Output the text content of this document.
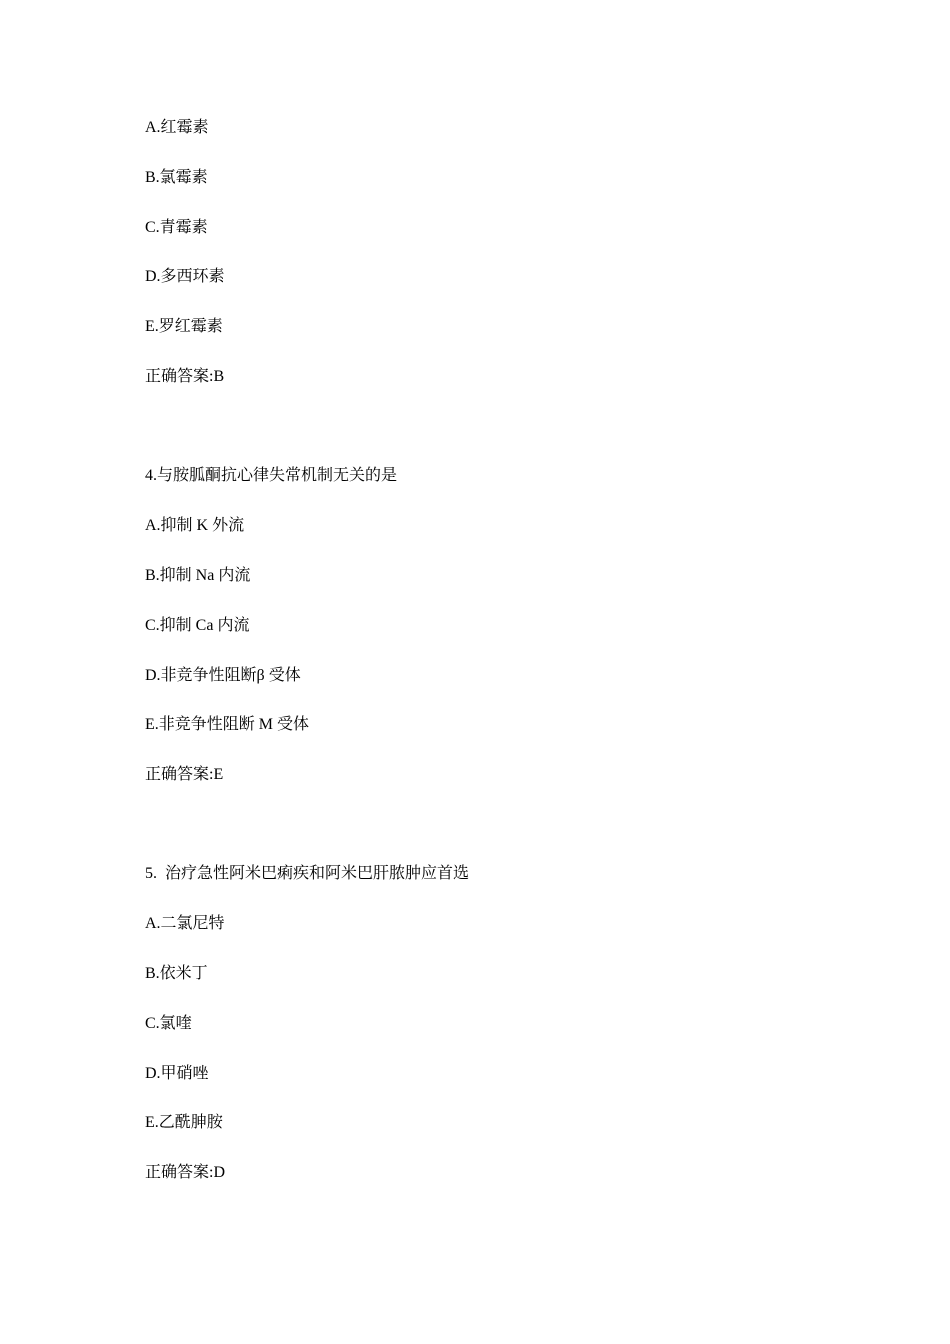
A.红霉素
B.氯霉素
C.青霉素
D.多西环素
E.罗红霉素
正确答案:B
4.与胺胍酮抗心律失常机制无关的是
A.抑制 K 外流
B.抑制 Na 内流
C.抑制 Ca 内流
D.非竞争性阻断β 受体
E.非竞争性阻断 M 受体
正确答案:E
5.  治疗急性阿米巴痢疾和阿米巴肝脓肿应首选
A.二氯尼特
B.依米丁
C.氯喹
D.甲硝唑
E.乙酰胂胺
正确答案:D
